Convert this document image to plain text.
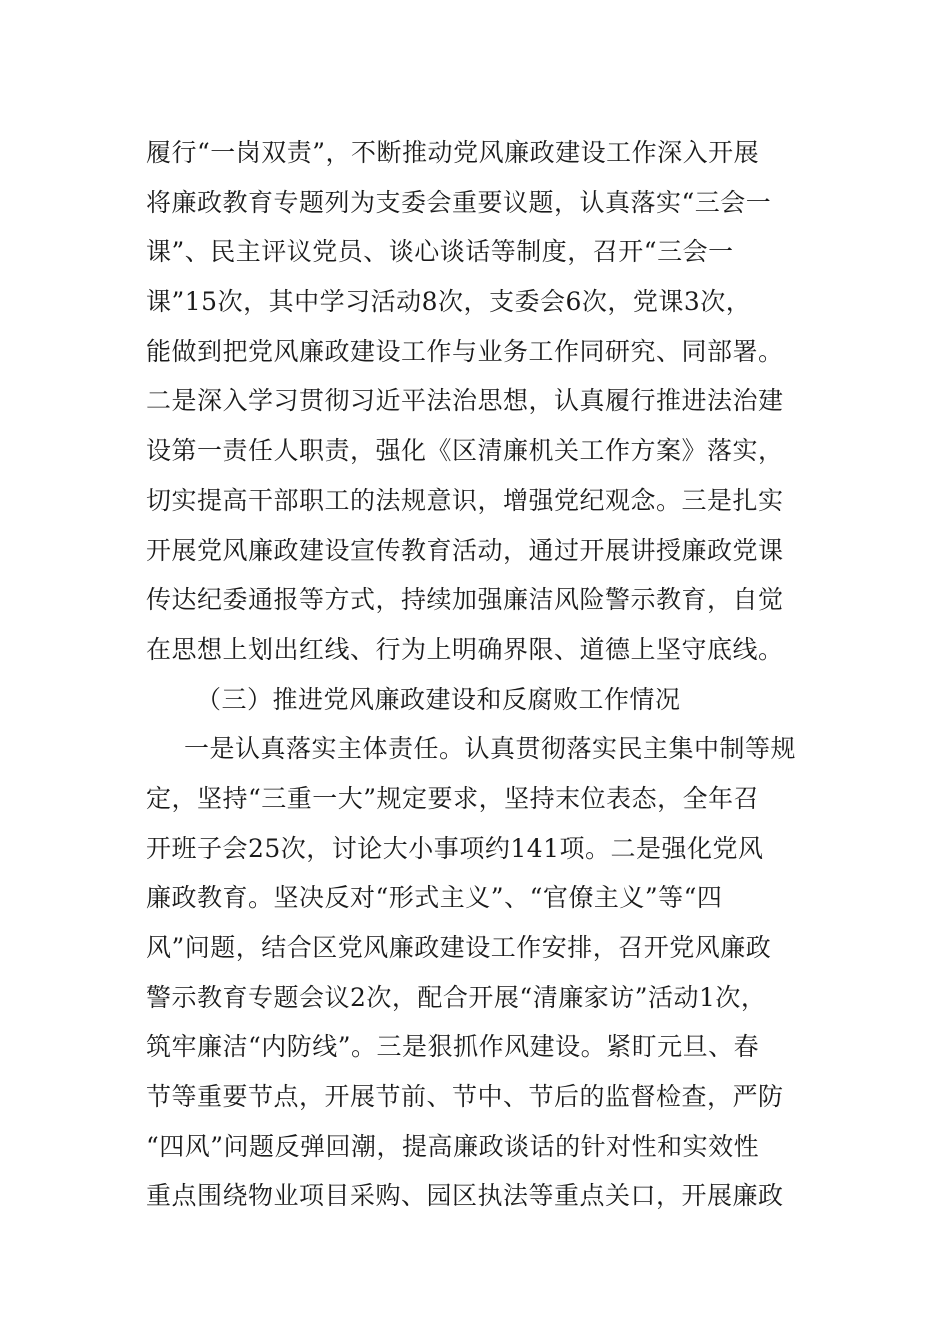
履行“一岗双责”，不断推动党风廉政建设工作深入开展
将廉政教育专题列为支委会重要议题，认真落实“三会一
课”、民主评议党员、谈心谈话等制度，召开“三会一
课”15次，其中学习活动8次，支委会6次，党课3次，
能做到把党风廉政建设工作与业务工作同研究、同部署。
二是深入学习贯彻习近平法治思想，认真履行推进法治建
设第一责任人职责，强化《区清廉机关工作方案》落实，
切实提高干部职工的法规意识，增强党纪观念。三是扎实
开展党风廉政建设宣传教育活动，通过开展讲授廉政党课
传达纪委通报等方式，持续加强廉洁风险警示教育，自觉
在思想上划出红线、行为上明确界限、道德上坚守底线。
（三）推进党风廉政建设和反腐败工作情况
一是认真落实主体责任。认真贯彻落实民主集中制等规
定，坚持“三重一大”规定要求，坚持末位表态，全年召
开班子会25次，讨论大小事项约141项。二是强化党风
廉政教育。坚决反对“形式主义”、“官僚主义”等“四
风”问题，结合区党风廉政建设工作安排，召开党风廉政
警示教育专题会议2次，配合开展“清廉家访”活动1次，
筑牢廉洁“内防线”。三是狠抓作风建设。紧盯元旦、春
节等重要节点，开展节前、节中、节后的监督检查，严防
“四风”问题反弹回潮，提高廉政谈话的针对性和实效性
重点围绕物业项目采购、园区执法等重点关口，开展廉政
